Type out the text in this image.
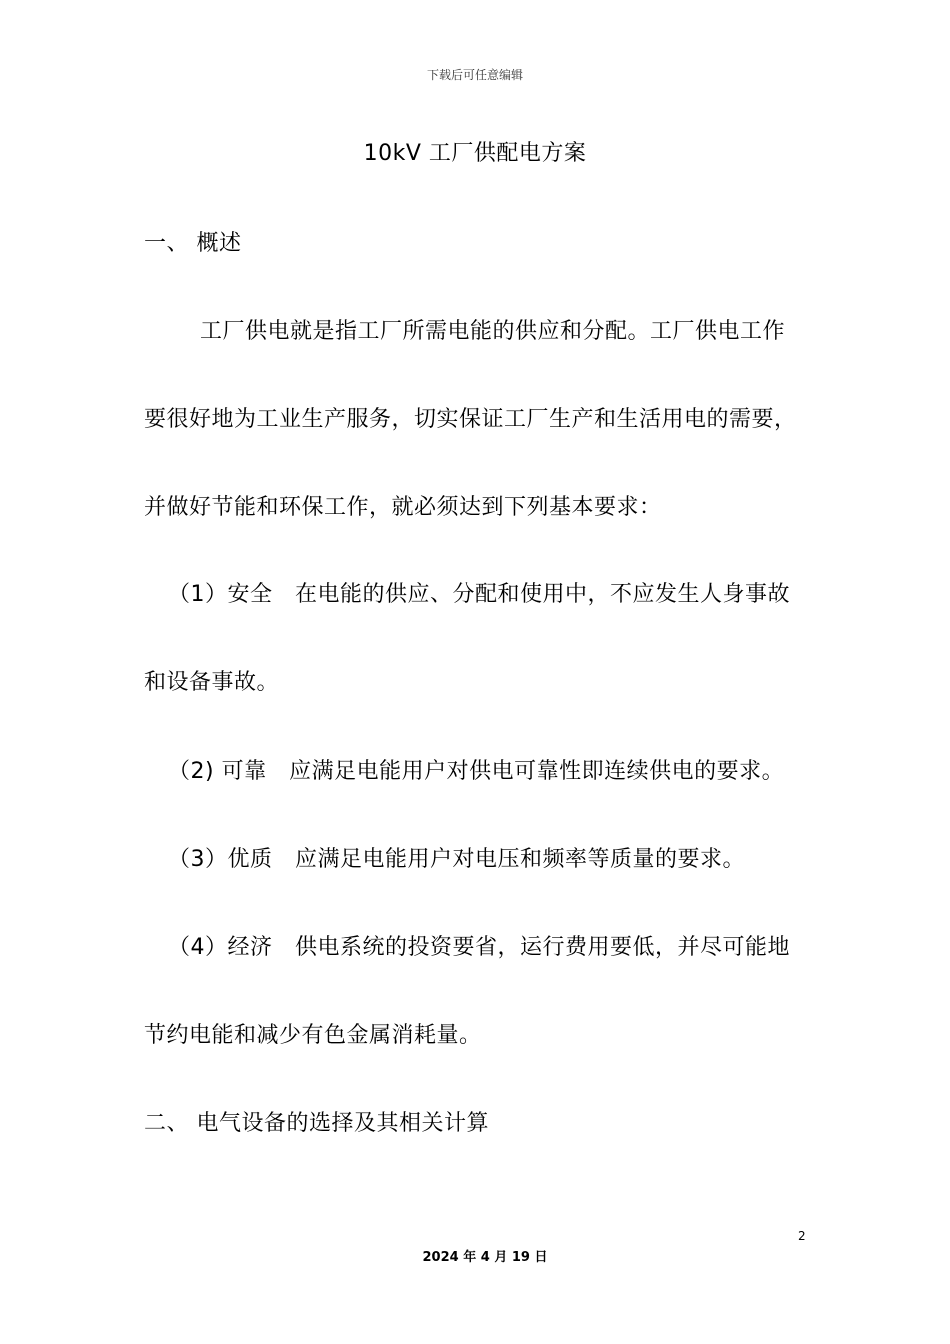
下载后可任意编辑
10kV 工厂供配电方案
一、 概述
工厂供电就是指工厂所需电能的供应和分配。工厂供电工作
要很好地为工业生产服务，切实保证工厂生产和生活用电的需要，
并做好节能和环保工作，就必须达到下列基本要求：
（1）安全　在电能的供应、分配和使用中，不应发生人身事故
和设备事故。
（2) 可靠　应满足电能用户对供电可靠性即连续供电的要求。
（3）优质　应满足电能用户对电压和频率等质量的要求。
（4）经济　供电系统的投资要省，运行费用要低，并尽可能地
节约电能和减少有色金属消耗量。
二、 电气设备的选择及其相关计算
2
2024 年 4 月 19 日
